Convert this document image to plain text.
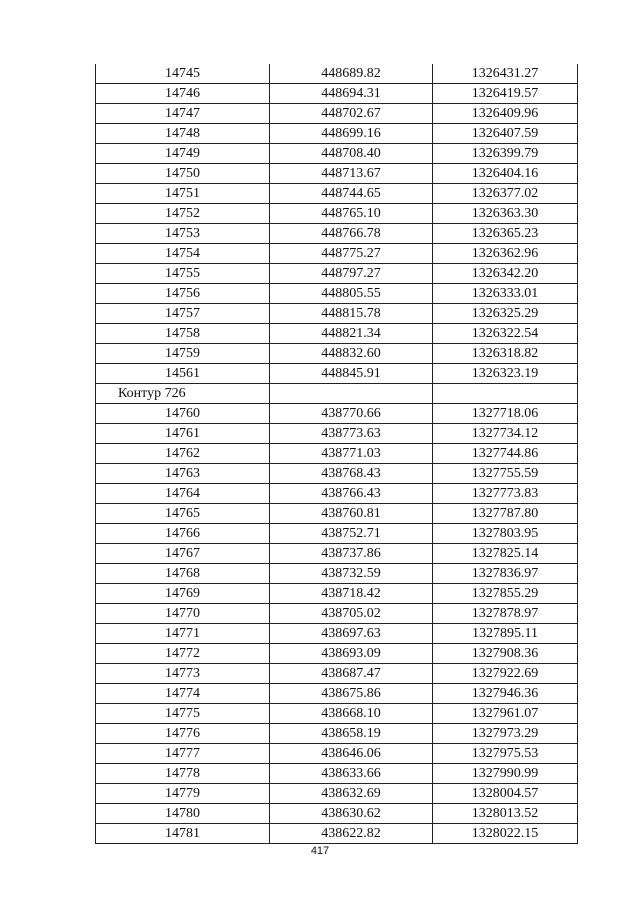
14745	448689.82	1326431.27
14746	448694.31	1326419.57
14747	448702.67	1326409.96
14748	448699.16	1326407.59
14749	448708.40	1326399.79
14750	448713.67	1326404.16
14751	448744.65	1326377.02
14752	448765.10	1326363.30
14753	448766.78	1326365.23
14754	448775.27	1326362.96
14755	448797.27	1326342.20
14756	448805.55	1326333.01
14757	448815.78	1326325.29
14758	448821.34	1326322.54
14759	448832.60	1326318.82
14561	448845.91	1326323.19
Контур 726		
14760	438770.66	1327718.06
14761	438773.63	1327734.12
14762	438771.03	1327744.86
14763	438768.43	1327755.59
14764	438766.43	1327773.83
14765	438760.81	1327787.80
14766	438752.71	1327803.95
14767	438737.86	1327825.14
14768	438732.59	1327836.97
14769	438718.42	1327855.29
14770	438705.02	1327878.97
14771	438697.63	1327895.11
14772	438693.09	1327908.36
14773	438687.47	1327922.69
14774	438675.86	1327946.36
14775	438668.10	1327961.07
14776	438658.19	1327973.29
14777	438646.06	1327975.53
14778	438633.66	1327990.99
14779	438632.69	1328004.57
14780	438630.62	1328013.52
14781	438622.82	1328022.15
417
